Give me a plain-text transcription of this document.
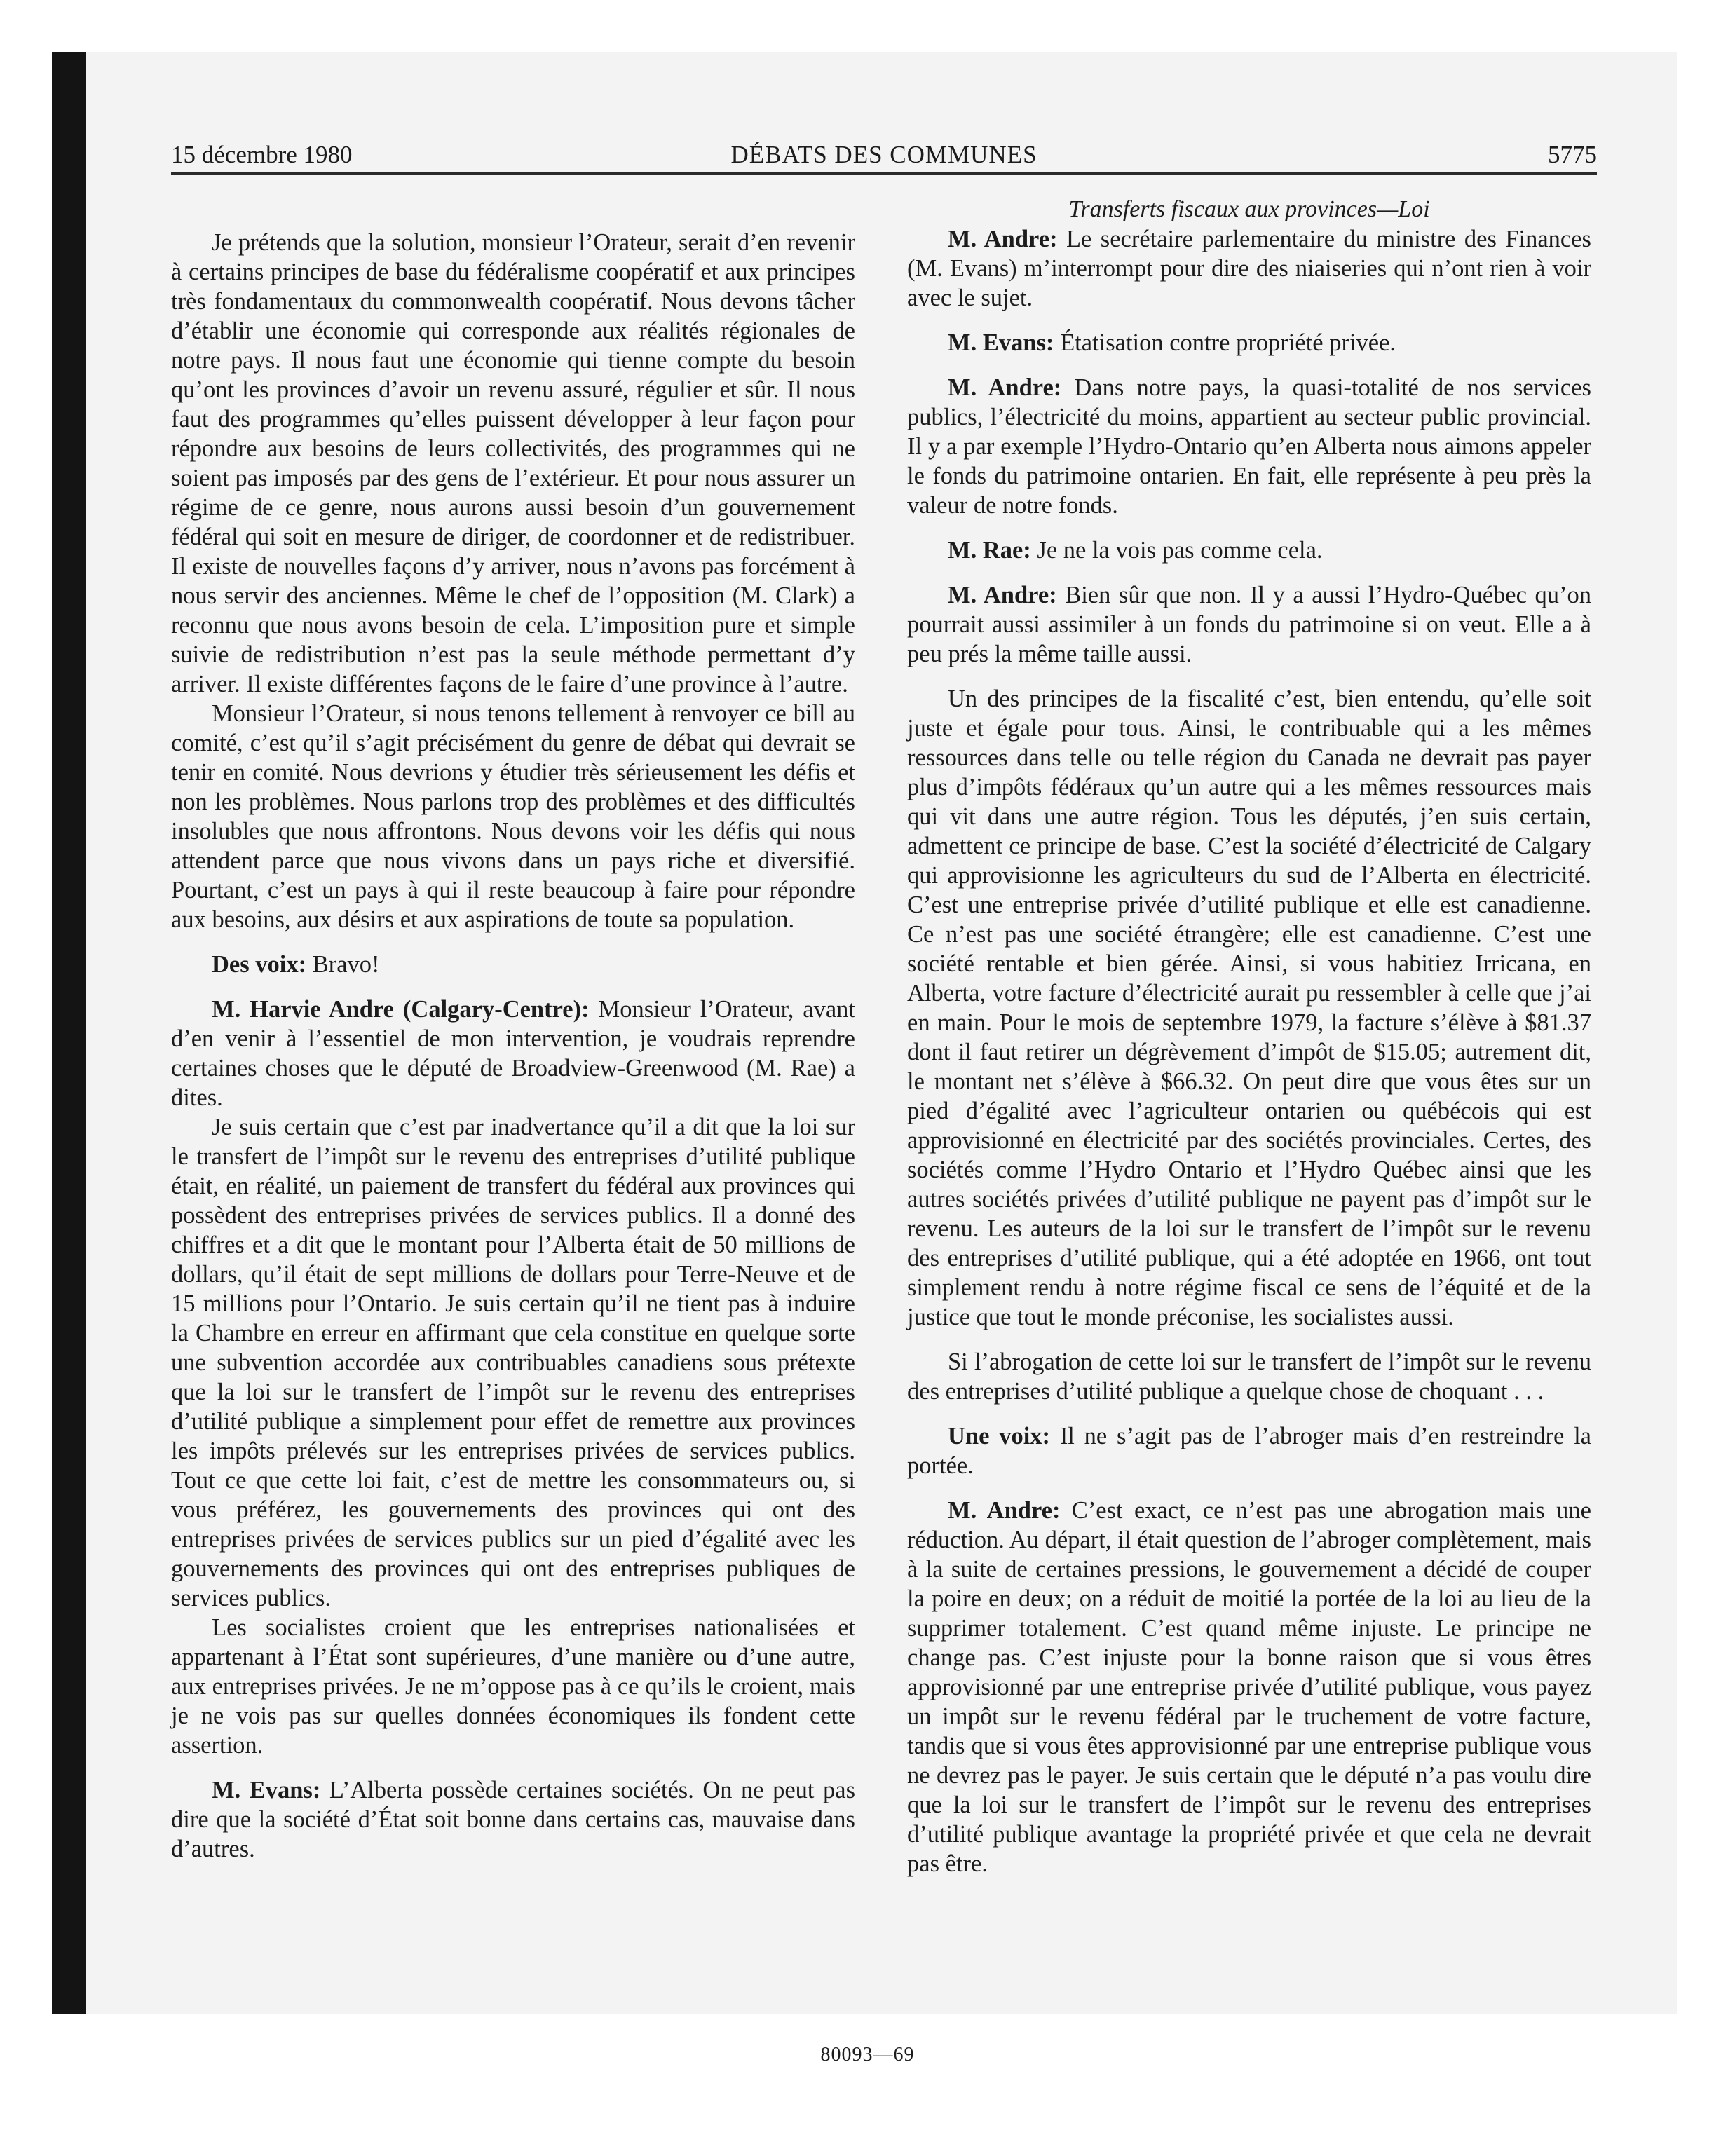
15 décembre 1980	DÉBATS DES COMMUNES	5775

Je prétends que la solution, monsieur l’Orateur, serait d’en revenir à certains principes de base du fédéralisme coopératif et aux principes très fondamentaux du commonwealth coopératif. Nous devons tâcher d’établir une économie qui corresponde aux réalités régionales de notre pays. Il nous faut une économie qui tienne compte du besoin qu’ont les provinces d’avoir un revenu assuré, régulier et sûr. Il nous faut des programmes qu’elles puissent développer à leur façon pour répondre aux besoins de leurs collectivités, des programmes qui ne soient pas imposés par des gens de l’extérieur. Et pour nous assurer un régime de ce genre, nous aurons aussi besoin d’un gouvernement fédéral qui soit en mesure de diriger, de coordonner et de redistribuer. Il existe de nouvelles façons d’y arriver, nous n’avons pas forcément à nous servir des anciennes. Même le chef de l’opposition (M. Clark) a reconnu que nous avons besoin de cela. L’imposition pure et simple suivie de redistribution n’est pas la seule méthode permettant d’y arriver. Il existe différentes façons de le faire d’une province à l’autre.

Monsieur l’Orateur, si nous tenons tellement à renvoyer ce bill au comité, c’est qu’il s’agit précisément du genre de débat qui devrait se tenir en comité. Nous devrions y étudier très sérieusement les défis et non les problèmes. Nous parlons trop des problèmes et des difficultés insolubles que nous affrontons. Nous devons voir les défis qui nous attendent parce que nous vivons dans un pays riche et diversifié. Pourtant, c’est un pays à qui il reste beaucoup à faire pour répondre aux besoins, aux désirs et aux aspirations de toute sa population.

Des voix: Bravo!

M. Harvie Andre (Calgary-Centre): Monsieur l’Orateur, avant d’en venir à l’essentiel de mon intervention, je voudrais reprendre certaines choses que le député de Broadview-Greenwood (M. Rae) a dites.

Je suis certain que c’est par inadvertance qu’il a dit que la loi sur le transfert de l’impôt sur le revenu des entreprises d’utilité publique était, en réalité, un paiement de transfert du fédéral aux provinces qui possèdent des entreprises privées de services publics. Il a donné des chiffres et a dit que le montant pour l’Alberta était de 50 millions de dollars, qu’il était de sept millions de dollars pour Terre-Neuve et de 15 millions pour l’Ontario. Je suis certain qu’il ne tient pas à induire la Chambre en erreur en affirmant que cela constitue en quelque sorte une subvention accordée aux contribuables canadiens sous prétexte que la loi sur le transfert de l’impôt sur le revenu des entreprises d’utilité publique a simplement pour effet de remettre aux provinces les impôts prélevés sur les entreprises privées de services publics. Tout ce que cette loi fait, c’est de mettre les consommateurs ou, si vous préférez, les gouvernements des provinces qui ont des entreprises privées de services publics sur un pied d’égalité avec les gouvernements des provinces qui ont des entreprises publiques de services publics.

Les socialistes croient que les entreprises nationalisées et appartenant à l’État sont supérieures, d’une manière ou d’une autre, aux entreprises privées. Je ne m’oppose pas à ce qu’ils le croient, mais je ne vois pas sur quelles données économiques ils fondent cette assertion.

M. Evans: L’Alberta possède certaines sociétés. On ne peut pas dire que la société d’État soit bonne dans certains cas, mauvaise dans d’autres.

Transferts fiscaux aux provinces—Loi

M. Andre: Le secrétaire parlementaire du ministre des Finances (M. Evans) m’interrompt pour dire des niaiseries qui n’ont rien à voir avec le sujet.

M. Evans: Étatisation contre propriété privée.

M. Andre: Dans notre pays, la quasi-totalité de nos services publics, l’électricité du moins, appartient au secteur public provincial. Il y a par exemple l’Hydro-Ontario qu’en Alberta nous aimons appeler le fonds du patrimoine ontarien. En fait, elle représente à peu près la valeur de notre fonds.

M. Rae: Je ne la vois pas comme cela.

M. Andre: Bien sûr que non. Il y a aussi l’Hydro-Québec qu’on pourrait aussi assimiler à un fonds du patrimoine si on veut. Elle a à peu prés la même taille aussi.

Un des principes de la fiscalité c’est, bien entendu, qu’elle soit juste et égale pour tous. Ainsi, le contribuable qui a les mêmes ressources dans telle ou telle région du Canada ne devrait pas payer plus d’impôts fédéraux qu’un autre qui a les mêmes ressources mais qui vit dans une autre région. Tous les députés, j’en suis certain, admettent ce principe de base. C’est la société d’électricité de Calgary qui approvisionne les agriculteurs du sud de l’Alberta en électricité. C’est une entreprise privée d’utilité publique et elle est canadienne. Ce n’est pas une société étrangère; elle est canadienne. C’est une société rentable et bien gérée. Ainsi, si vous habitiez Irricana, en Alberta, votre facture d’électricité aurait pu ressembler à celle que j’ai en main. Pour le mois de septembre 1979, la facture s’élève à $81.37 dont il faut retirer un dégrèvement d’impôt de $15.05; autrement dit, le montant net s’élève à $66.32. On peut dire que vous êtes sur un pied d’égalité avec l’agriculteur ontarien ou québécois qui est approvisionné en électricité par des sociétés provinciales. Certes, des sociétés comme l’Hydro Ontario et l’Hydro Québec ainsi que les autres sociétés privées d’utilité publique ne payent pas d’impôt sur le revenu. Les auteurs de la loi sur le transfert de l’impôt sur le revenu des entreprises d’utilité publique, qui a été adoptée en 1966, ont tout simplement rendu à notre régime fiscal ce sens de l’équité et de la justice que tout le monde préconise, les socialistes aussi.

Si l’abrogation de cette loi sur le transfert de l’impôt sur le revenu des entreprises d’utilité publique a quelque chose de choquant . . .

Une voix: Il ne s’agit pas de l’abroger mais d’en restreindre la portée.

M. Andre: C’est exact, ce n’est pas une abrogation mais une réduction. Au départ, il était question de l’abroger complètement, mais à la suite de certaines pressions, le gouvernement a décidé de couper la poire en deux; on a réduit de moitié la portée de la loi au lieu de la supprimer totalement. C’est quand même injuste. Le principe ne change pas. C’est injuste pour la bonne raison que si vous êtres approvisionné par une entreprise privée d’utilité publique, vous payez un impôt sur le revenu fédéral par le truchement de votre facture, tandis que si vous êtes approvisionné par une entreprise publique vous ne devrez pas le payer. Je suis certain que le député n’a pas voulu dire que la loi sur le transfert de l’impôt sur le revenu des entreprises d’utilité publique avantage la propriété privée et que cela ne devrait pas être.

80093—69
